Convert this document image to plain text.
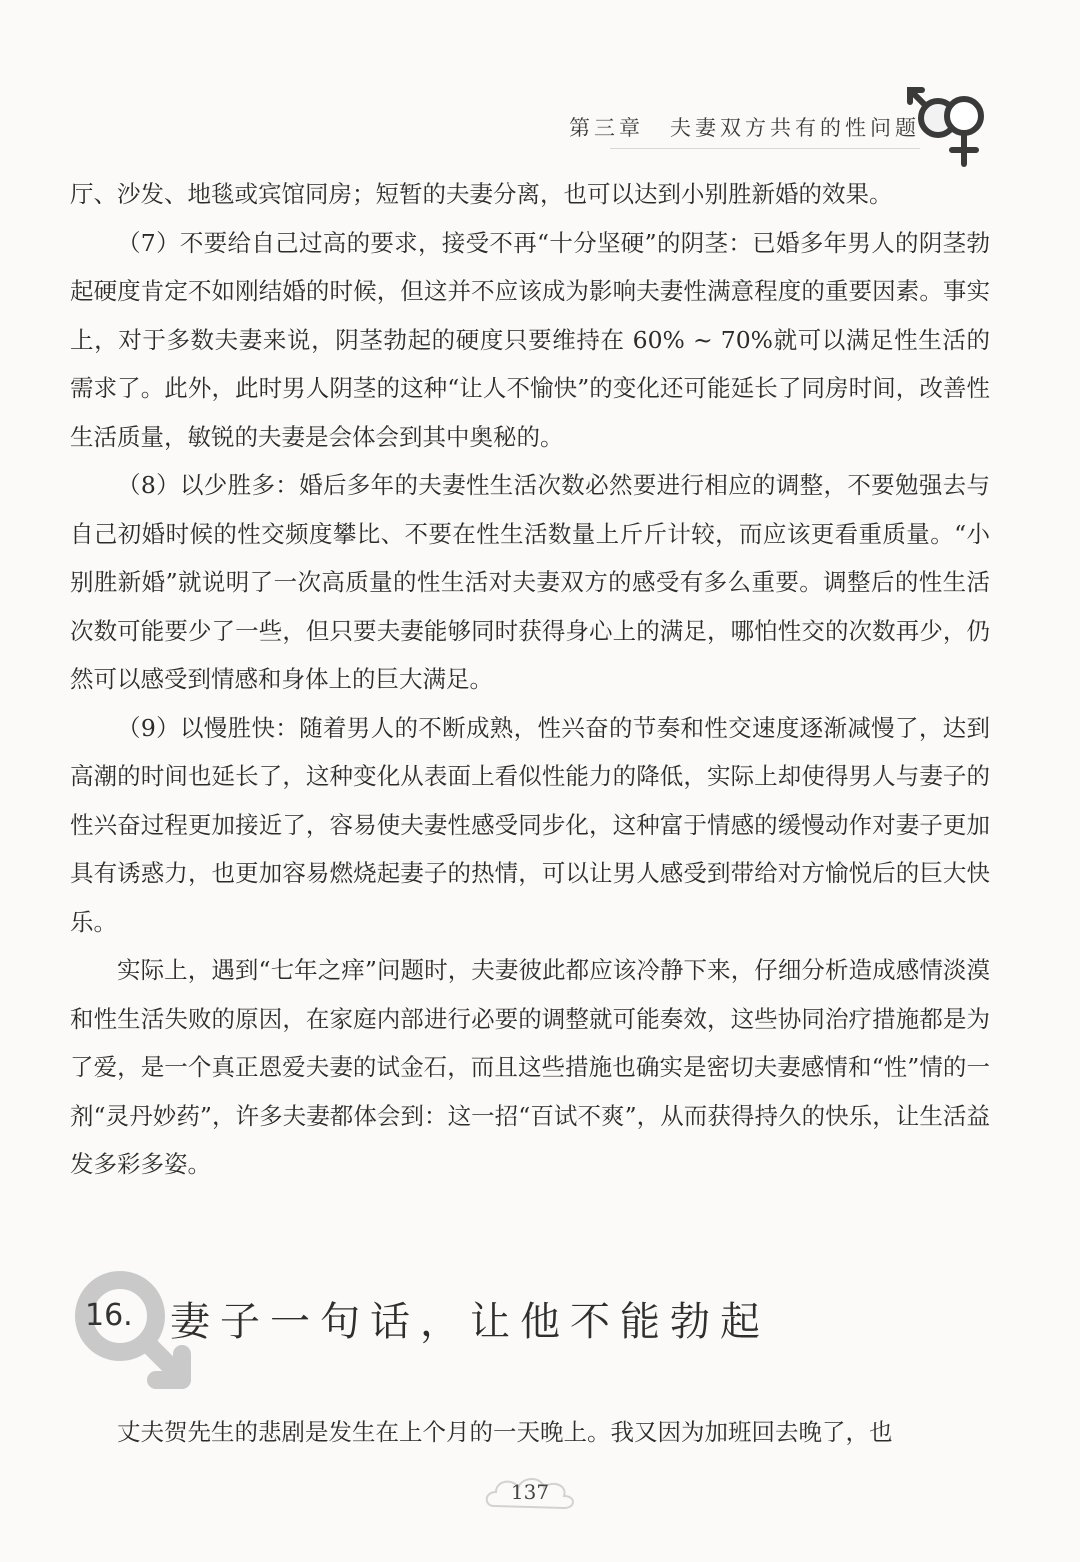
第三章 夫妻双方共有的性问题

厅、沙发、地毯或宾馆同房；短暂的夫妻分离，也可以达到小别胜新婚的效果。

（7）不要给自己过高的要求，接受不再“十分坚硬”的阴茎：已婚多年男人的阴茎勃起硬度肯定不如刚结婚的时候，但这并不应该成为影响夫妻性满意程度的重要因素。事实上，对于多数夫妻来说，阴茎勃起的硬度只要维持在 60% ~ 70%就可以满足性生活的需求了。此外，此时男人阴茎的这种“让人不愉快”的变化还可能延长了同房时间，改善性生活质量，敏锐的夫妻是会体会到其中奥秘的。

（8）以少胜多：婚后多年的夫妻性生活次数必然要进行相应的调整，不要勉强去与自己初婚时候的性交频度攀比、不要在性生活数量上斤斤计较，而应该更看重质量。“小别胜新婚”就说明了一次高质量的性生活对夫妻双方的感受有多么重要。调整后的性生活次数可能要少了一些，但只要夫妻能够同时获得身心上的满足，哪怕性交的次数再少，仍然可以感受到情感和身体上的巨大满足。

（9）以慢胜快：随着男人的不断成熟，性兴奋的节奏和性交速度逐渐减慢了，达到高潮的时间也延长了，这种变化从表面上看似性能力的降低，实际上却使得男人与妻子的性兴奋过程更加接近了，容易使夫妻性感受同步化，这种富于情感的缓慢动作对妻子更加具有诱惑力，也更加容易燃烧起妻子的热情，可以让男人感受到带给对方愉悦后的巨大快乐。

实际上，遇到“七年之痒”问题时，夫妻彼此都应该冷静下来，仔细分析造成感情淡漠和性生活失败的原因，在家庭内部进行必要的调整就可能奏效，这些协同治疗措施都是为了爱，是一个真正恩爱夫妻的试金石，而且这些措施也确实是密切夫妻感情和“性”情的一剂“灵丹妙药”，许多夫妻都体会到：这一招“百试不爽”，从而获得持久的快乐，让生活益发多彩多姿。

16. 妻子一句话，让他不能勃起
丈夫贺先生的悲剧是发生在上个月的一天晚上。我又因为加班回去晚了，也
137
